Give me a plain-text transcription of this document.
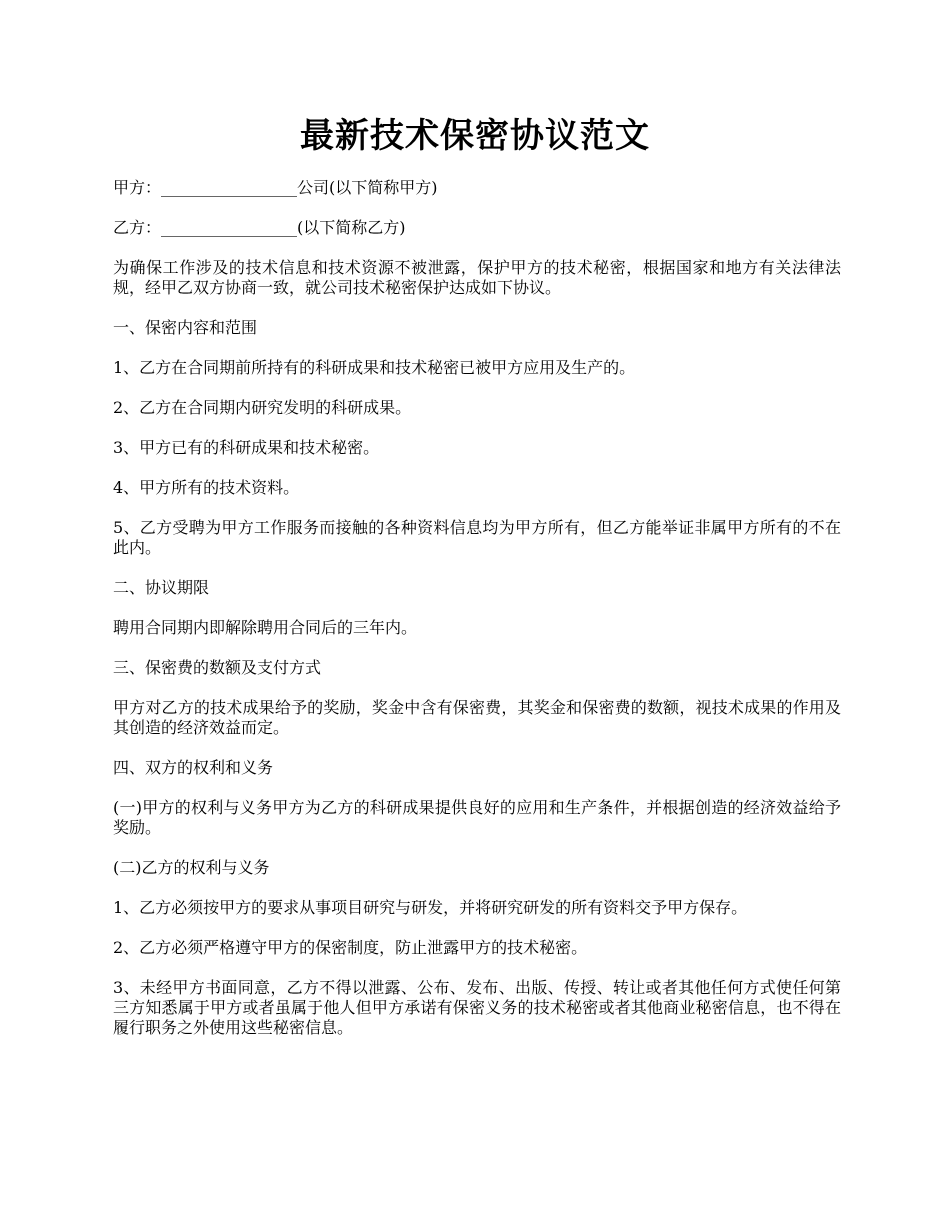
最新技术保密协议范文

甲方：_________________公司(以下简称甲方)

乙方：_________________(以下简称乙方)

为确保工作涉及的技术信息和技术资源不被泄露，保护甲方的技术秘密，根据国家和地方有关法律法规，经甲乙双方协商一致，就公司技术秘密保护达成如下协议。

一、保密内容和范围

1、乙方在合同期前所持有的科研成果和技术秘密已被甲方应用及生产的。

2、乙方在合同期内研究发明的科研成果。

3、甲方已有的科研成果和技术秘密。

4、甲方所有的技术资料。

5、乙方受聘为甲方工作服务而接触的各种资料信息均为甲方所有，但乙方能举证非属甲方所有的不在此内。

二、协议期限

聘用合同期内即解除聘用合同后的三年内。

三、保密费的数额及支付方式

甲方对乙方的技术成果给予的奖励，奖金中含有保密费，其奖金和保密费的数额，视技术成果的作用及其创造的经济效益而定。

四、双方的权利和义务

(一)甲方的权利与义务甲方为乙方的科研成果提供良好的应用和生产条件，并根据创造的经济效益给予奖励。

(二)乙方的权利与义务

1、乙方必须按甲方的要求从事项目研究与研发，并将研究研发的所有资料交予甲方保存。

2、乙方必须严格遵守甲方的保密制度，防止泄露甲方的技术秘密。

3、未经甲方书面同意，乙方不得以泄露、公布、发布、出版、传授、转让或者其他任何方式使任何第三方知悉属于甲方或者虽属于他人但甲方承诺有保密义务的技术秘密或者其他商业秘密信息，也不得在履行职务之外使用这些秘密信息。
